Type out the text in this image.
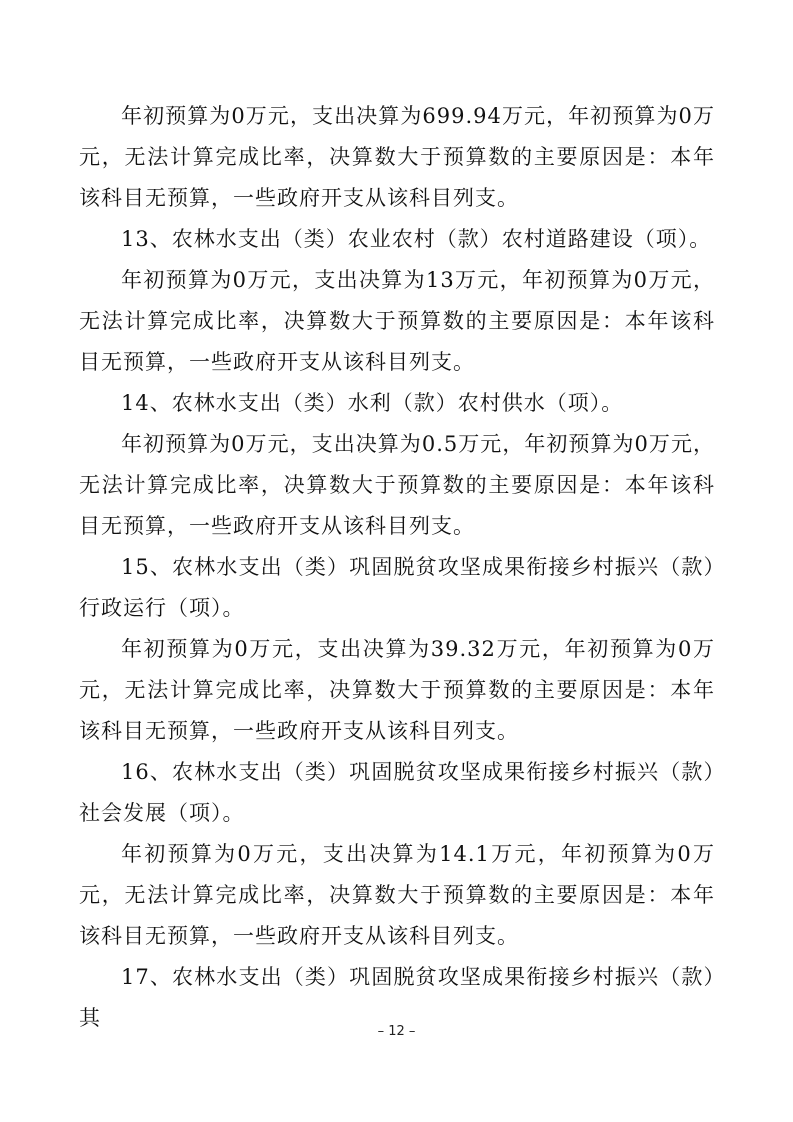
年初预算为0万元，支出决算为699.94万元，年初预算为0万元，无法计算完成比率，决算数大于预算数的主要原因是：本年该科目无预算，一些政府开支从该科目列支。

13、农林水支出（类）农业农村（款）农村道路建设（项）。

年初预算为0万元，支出决算为13万元，年初预算为0万元，无法计算完成比率，决算数大于预算数的主要原因是：本年该科目无预算，一些政府开支从该科目列支。

14、农林水支出（类）水利（款）农村供水（项）。

年初预算为0万元，支出决算为0.5万元，年初预算为0万元，无法计算完成比率，决算数大于预算数的主要原因是：本年该科目无预算，一些政府开支从该科目列支。

15、农林水支出（类）巩固脱贫攻坚成果衔接乡村振兴（款）行政运行（项）。

年初预算为0万元，支出决算为39.32万元，年初预算为0万元，无法计算完成比率，决算数大于预算数的主要原因是：本年该科目无预算，一些政府开支从该科目列支。

16、农林水支出（类）巩固脱贫攻坚成果衔接乡村振兴（款）社会发展（项）。

年初预算为0万元，支出决算为14.1万元，年初预算为0万元，无法计算完成比率，决算数大于预算数的主要原因是：本年该科目无预算，一些政府开支从该科目列支。

17、农林水支出（类）巩固脱贫攻坚成果衔接乡村振兴（款）其

– 12 –
